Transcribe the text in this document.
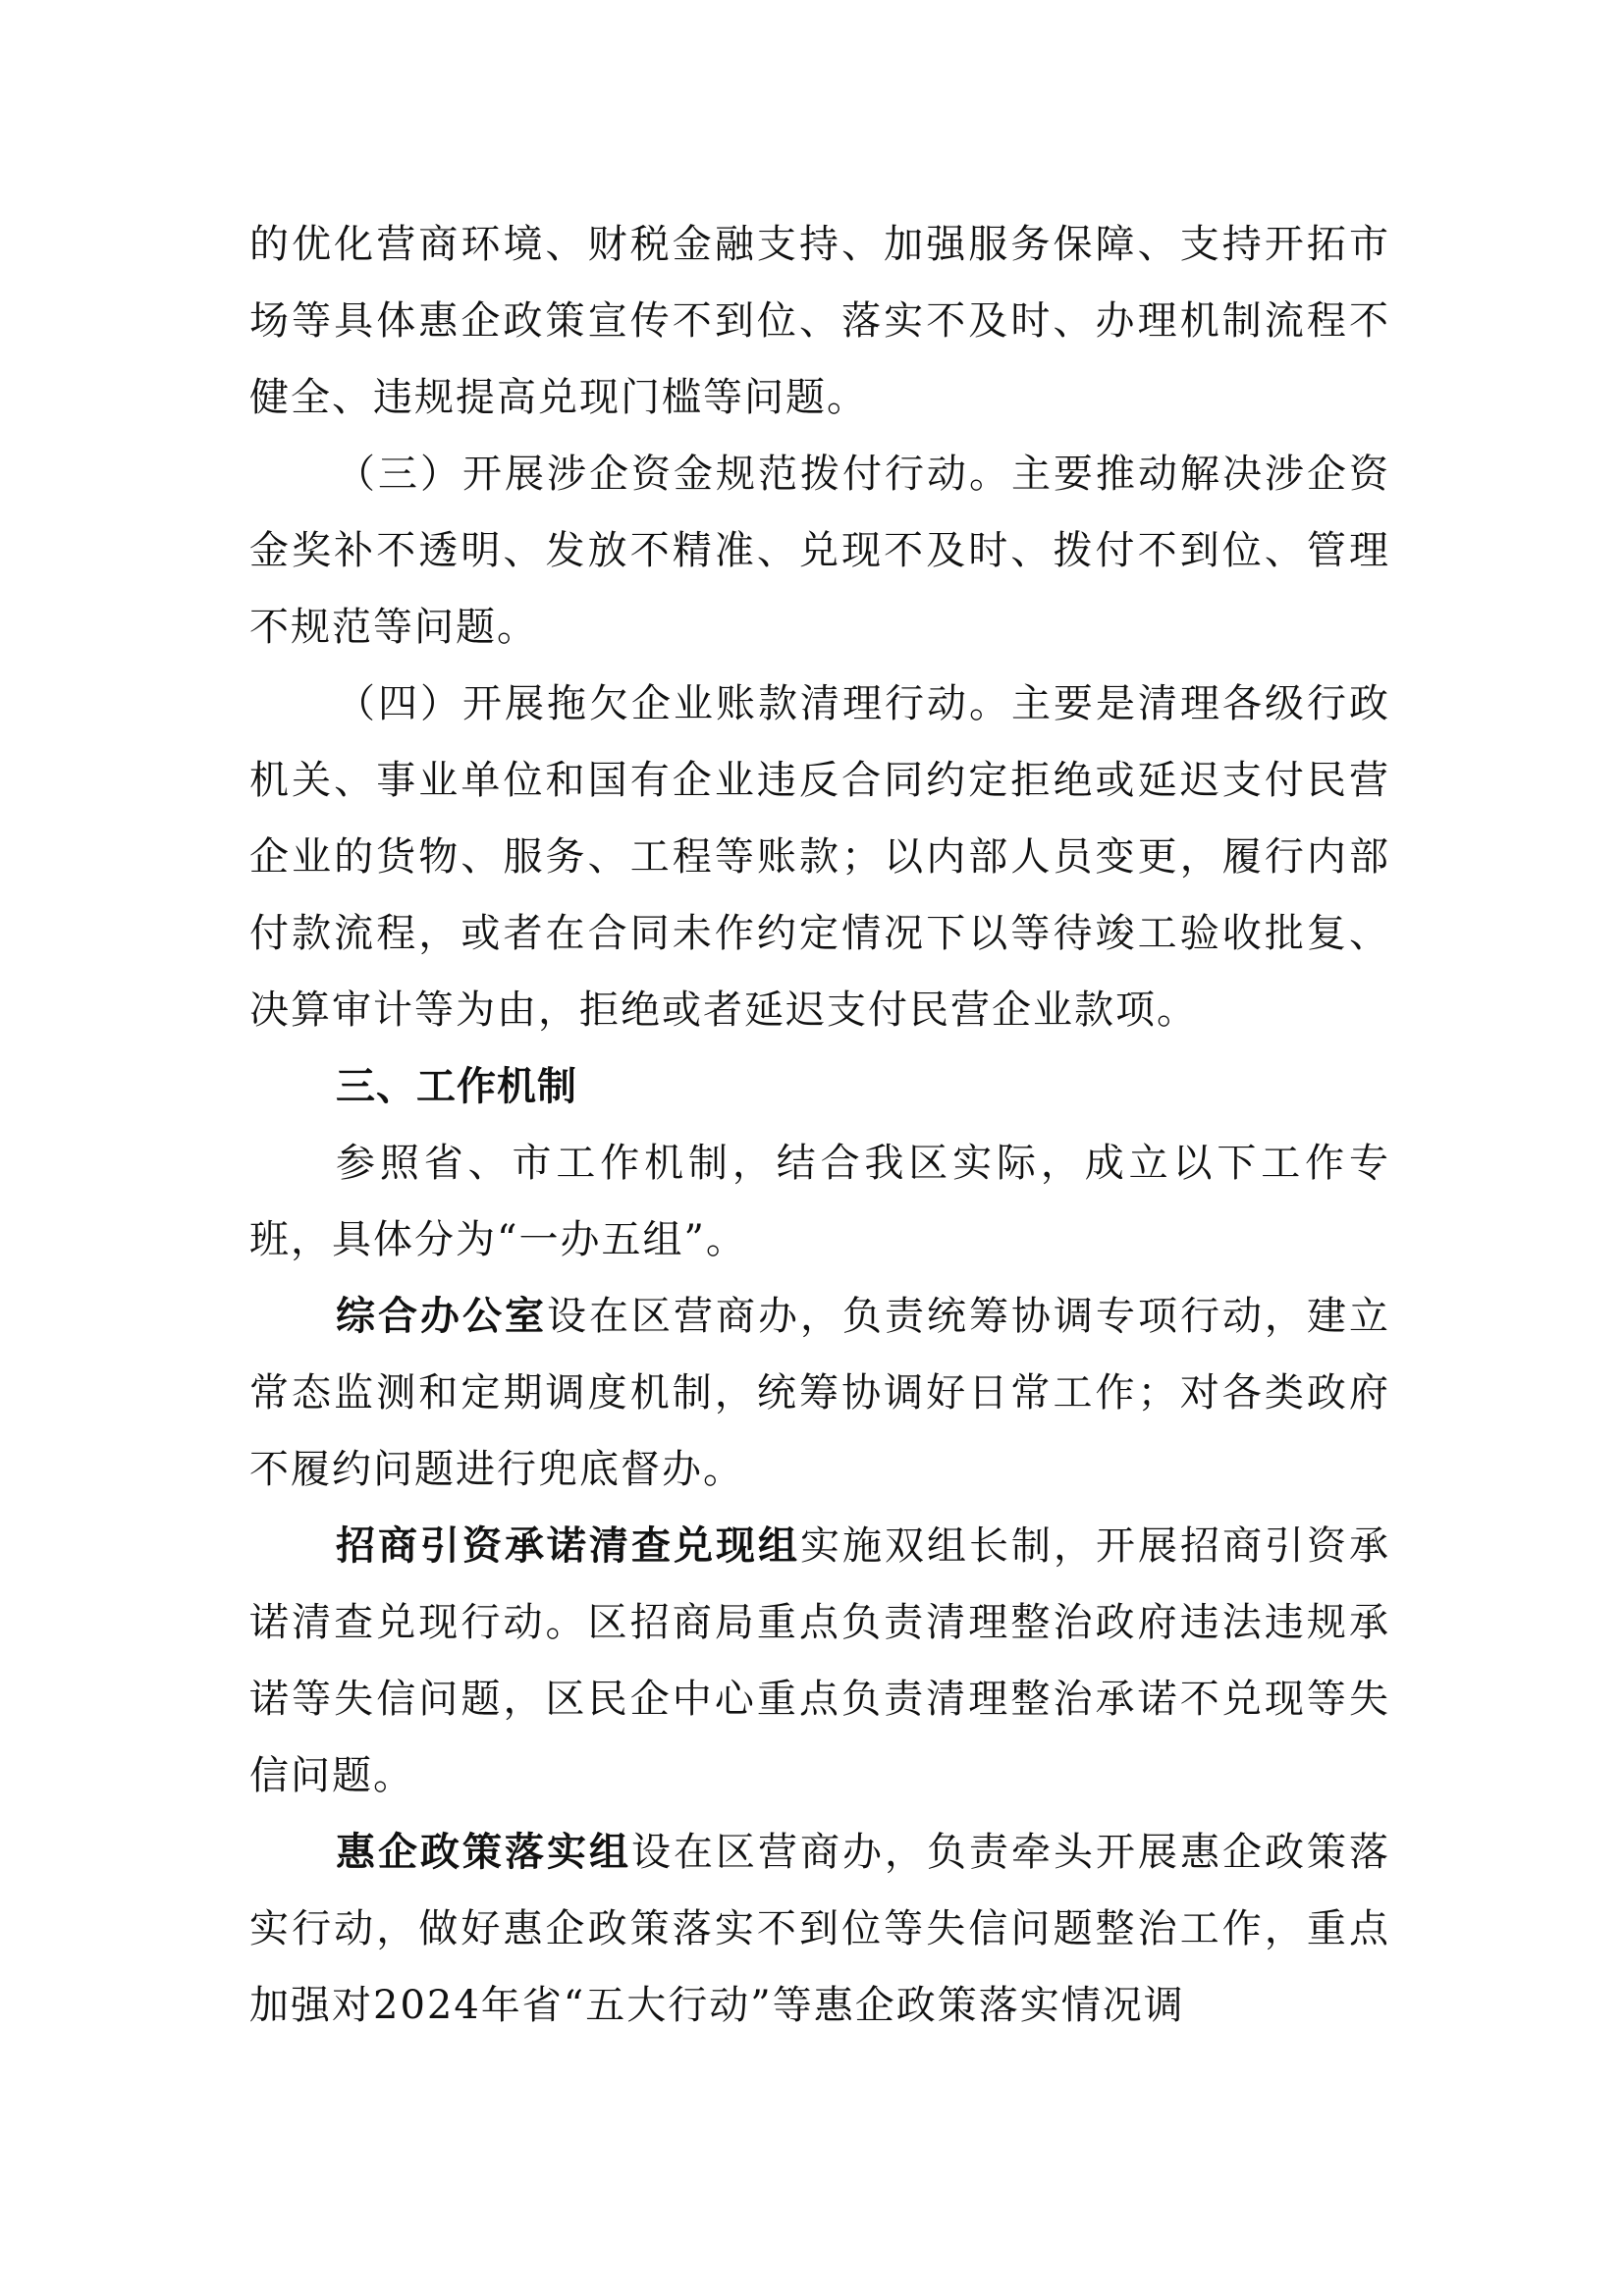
的优化营商环境、财税金融支持、加强服务保障、支持开拓市场等具体惠企政策宣传不到位、落实不及时、办理机制流程不健全、违规提高兑现门槛等问题。

（三）开展涉企资金规范拨付行动。主要推动解决涉企资金奖补不透明、发放不精准、兑现不及时、拨付不到位、管理不规范等问题。

（四）开展拖欠企业账款清理行动。主要是清理各级行政机关、事业单位和国有企业违反合同约定拒绝或延迟支付民营企业的货物、服务、工程等账款；以内部人员变更，履行内部付款流程，或者在合同未作约定情况下以等待竣工验收批复、决算审计等为由，拒绝或者延迟支付民营企业款项。

三、工作机制

参照省、市工作机制，结合我区实际，成立以下工作专班，具体分为“一办五组”。

综合办公室设在区营商办，负责统筹协调专项行动，建立常态监测和定期调度机制，统筹协调好日常工作；对各类政府不履约问题进行兜底督办。

招商引资承诺清查兑现组实施双组长制，开展招商引资承诺清查兑现行动。区招商局重点负责清理整治政府违法违规承诺等失信问题，区民企中心重点负责清理整治承诺不兑现等失信问题。

惠企政策落实组设在区营商办，负责牵头开展惠企政策落实行动，做好惠企政策落实不到位等失信问题整治工作，重点加强对2024年省“五大行动”等惠企政策落实情况调
